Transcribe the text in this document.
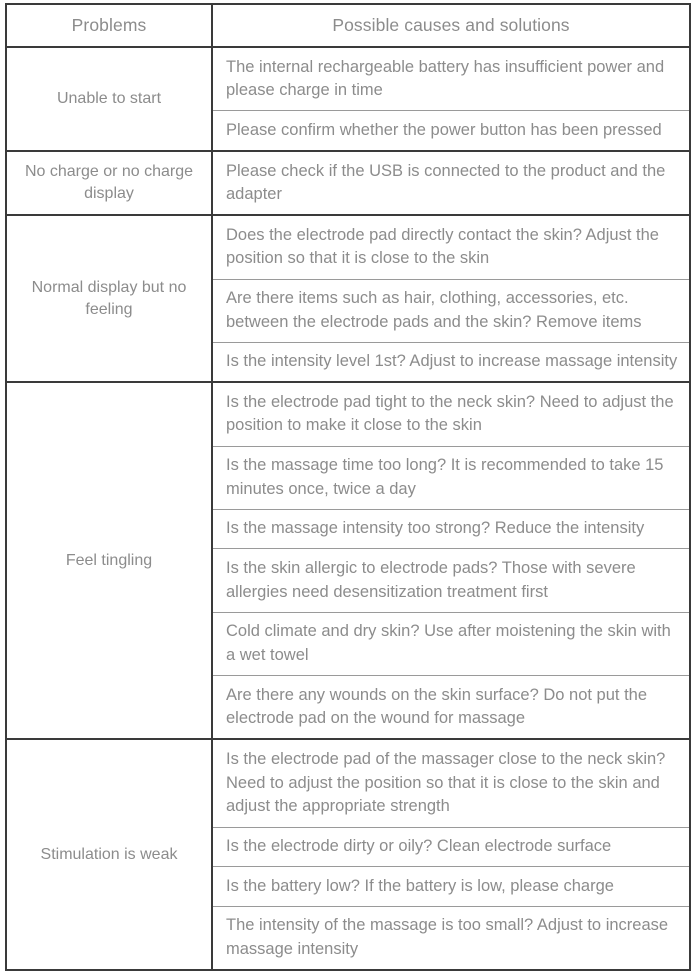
Problems	Possible causes and solutions
Unable to start	The internal rechargeable battery has insufficient power and please charge in time
	Please confirm whether the power button has been pressed
No charge or no charge display	Please check if the USB is connected to the product and the adapter
Normal display but no feeling	Does the electrode pad directly contact the skin? Adjust the position so that it is close to the skin
	Are there items such as hair, clothing, accessories, etc. between the electrode pads and the skin? Remove items
	Is the intensity level 1st? Adjust to increase massage intensity
Feel tingling	Is the electrode pad tight to the neck skin? Need to adjust the position to make it close to the skin
	Is the massage time too long? It is recommended to take 15 minutes once, twice a day
	Is the massage intensity too strong? Reduce the intensity
	Is the skin allergic to electrode pads? Those with severe allergies need desensitization treatment first
	Cold climate and dry skin? Use after moistening the skin with a wet towel
	Are there any wounds on the skin surface? Do not put the electrode pad on the wound for massage
Stimulation is weak	Is the electrode pad of the massager close to the neck skin? Need to adjust the position so that it is close to the skin and adjust the appropriate strength
	Is the electrode dirty or oily? Clean electrode surface
	Is the battery low? If the battery is low, please charge
	The intensity of the massage is too small? Adjust to increase massage intensity
